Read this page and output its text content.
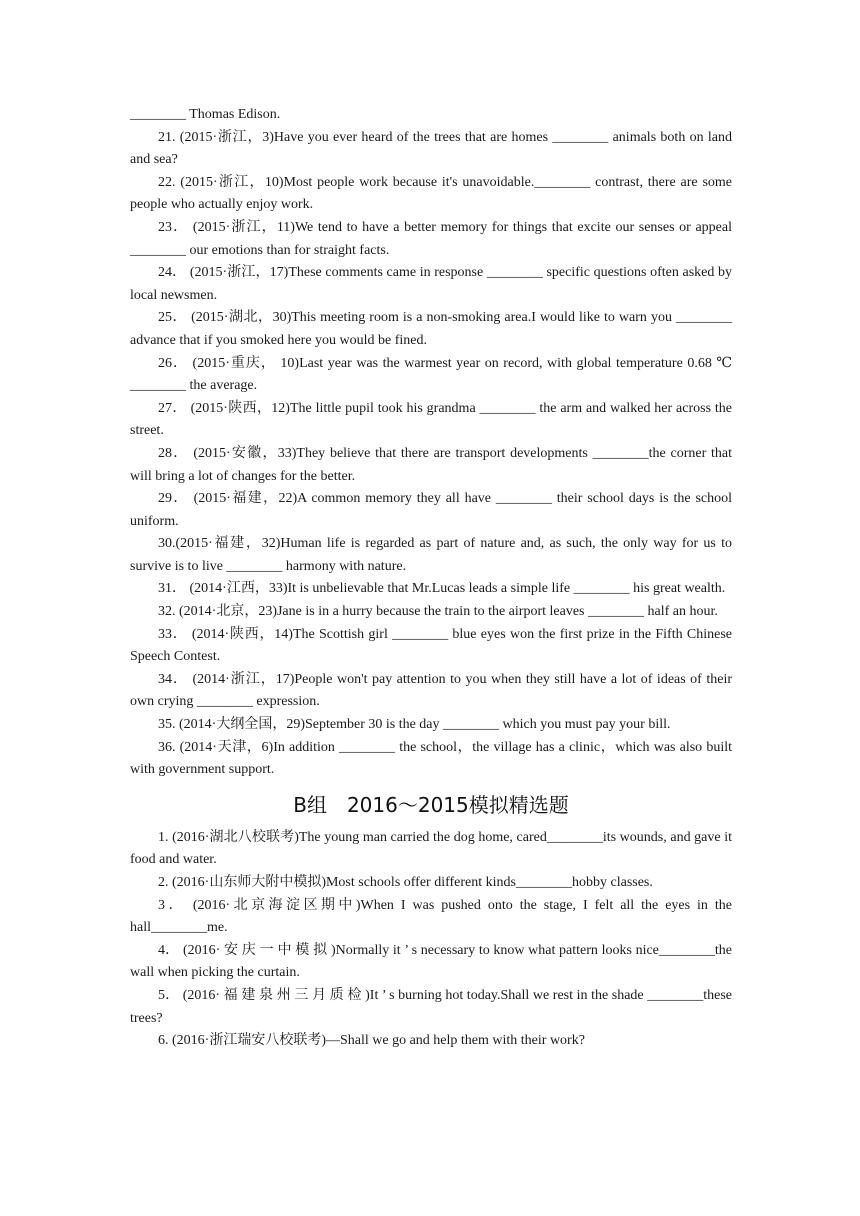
________ Thomas Edison.

21. (2015·浙江，3)Have you ever heard of the trees that are homes ________ animals both on land and sea?

22. (2015·浙江，10)Most people work because it's unavoidable.________ contrast, there are some people who actually enjoy work.

23． (2015·浙江，11)We tend to have a better memory for things that excite our senses or appeal ________ our emotions than for straight facts.

24． (2015·浙江，17)These comments came in response ________ specific questions often asked by local newsmen.

25． (2015·湖北，30)This meeting room is a non-smoking area.I would like to warn you ________ advance that if you smoked here you would be fined.

26． (2015·重庆， 10)Last year was the warmest year on record, with global temperature 0.68 ℃ ________ the average.

27． (2015·陕西，12)The little pupil took his grandma ________ the arm and walked her across the street.

28． (2015·安徽，33)They believe that there are transport developments ________the corner that will bring a lot of changes for the better.

29． (2015·福建，22)A common memory they all have ________ their school days is the school uniform.

30.(2015·福建，32)Human life is regarded as part of nature and, as such, the only way for us to survive is to live ________ harmony with nature.

31． (2014·江西，33)It is unbelievable that Mr.Lucas leads a simple life ________ his great wealth.

32. (2014·北京，23)Jane is in a hurry because the train to the airport leaves ________ half an hour.

33． (2014·陕西，14)The Scottish girl ________ blue eyes won the first prize in the Fifth Chinese Speech Contest.

34． (2014·浙江，17)People won't pay attention to you when they still have a lot of ideas of their own crying ________ expression.

35. (2014·大纲全国，29)September 30 is the day ________ which you must pay your bill.

36. (2014·天津，6)In addition ________ the school，the village has a clinic，which was also built with government support.

B组　2016～2015模拟精选题

1. (2016·湖北八校联考)The young man carried the dog home, cared________its wounds, and gave it food and water.

2. (2016·山东师大附中模拟)Most schools offer different kinds________hobby classes.

3． (2016·北京海淀区期中)When I was pushed onto the stage, I felt all the eyes in the hall________me.

4． (2016· 安 庆 一 中 模 拟 )Normally it ’ s necessary to know what pattern looks nice________the wall when picking the curtain.

5． (2016· 福 建 泉 州 三 月 质 检 )It ’ s burning hot today.Shall we rest in the shade ________these trees?

6. (2016·浙江瑞安八校联考)—Shall we go and help them with their work?
